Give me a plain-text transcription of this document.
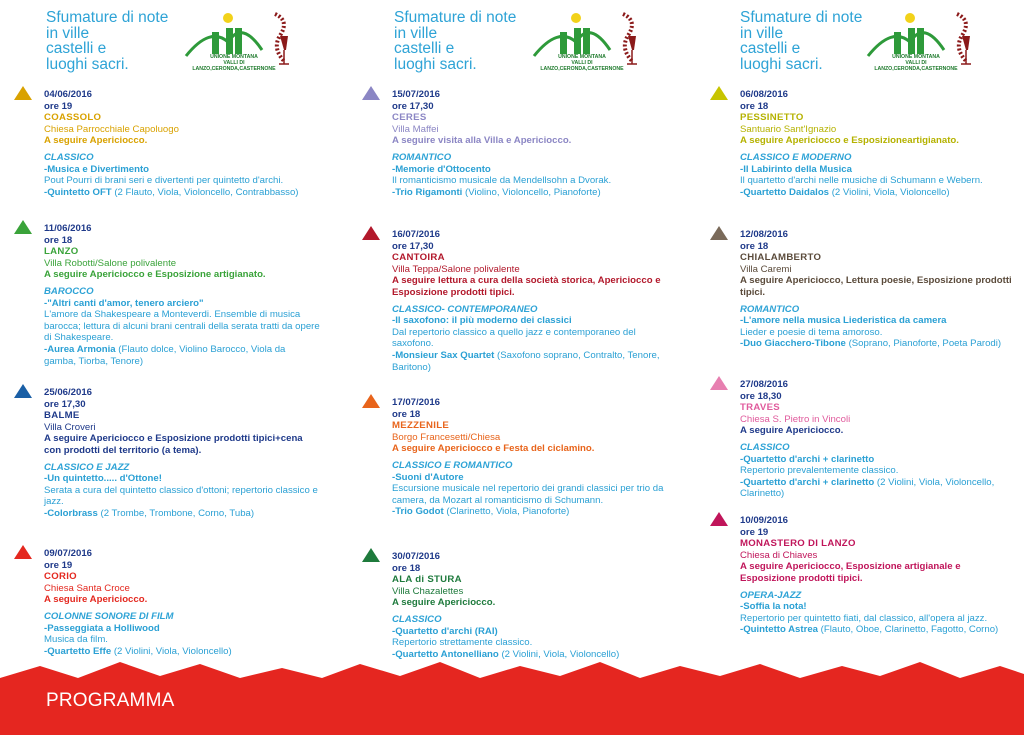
Sfumature di note
in ville
castelli e
luoghi sacri.	UNIONE MONTANA
VALLI DI LANZO,CERONDA,CASTERNONE
04/06/2016
ore 19
COASSOLO
Chiesa Parrocchiale Capoluogo
A seguire Apericiocco.
CLASSICO
-Musica e Divertimento
Pout Pourri di brani seri e divertenti per quintetto d'archi.
-Quintetto OFT (2 Flauto, Viola, Violoncello, Contrabbasso)
11/06/2016
ore 18
LANZO
Villa Robotti/Salone polivalente
A seguire Apericiocco e Esposizione artigianato.
BAROCCO
-"Altri canti d'amor, tenero arciero"
L'amore da Shakespeare a Monteverdi. Ensemble di musica barocca; lettura di alcuni brani centrali della serata tratti da opere di Shakespeare.
-Aurea Armonia (Flauto dolce, Violino Barocco, Viola da gamba, Tiorba, Tenore)
25/06/2016
ore 17,30
BALME
Villa Croveri
A seguire Apericiocco e Esposizione prodotti tipici+cena con prodotti del territorio (a tema).
CLASSICO E JAZZ
-Un quintetto..... d'Ottone!
Serata a cura del quintetto classico d'ottoni; repertorio classico e jazz.
-Colorbrass (2 Trombe, Trombone, Corno, Tuba)
09/07/2016
ore 19
CORIO
Chiesa Santa Croce
A seguire Apericiocco.
COLONNE SONORE DI FILM
-Passeggiata a Holliwood
Musica da film.
-Quartetto Effe (2 Violini, Viola, Violoncello)
Sfumature di note
in ville
castelli e
luoghi sacri.	UNIONE MONTANA
VALLI DI LANZO,CERONDA,CASTERNONE
15/07/2016
ore 17,30
CERES
Villa Maffei
A seguire visita alla Villa e Apericiocco.
ROMANTICO
-Memorie d'Ottocento
Il romanticismo musicale da Mendellsohn a Dvorak.
-Trio Rigamonti (Violino, Violoncello, Pianoforte)
16/07/2016
ore 17,30
CANTOIRA
Villa Teppa/Salone polivalente
A seguire lettura a cura della società storica, Apericiocco e Esposizione prodotti tipici.
CLASSICO- CONTEMPORANEO
-Il saxofono: il più moderno dei classici
Dal repertorio classico a quello jazz e contemporaneo del saxofono.
-Monsieur Sax Quartet (Saxofono soprano, Contralto, Tenore, Baritono)
17/07/2016
ore 18
MEZZENILE
Borgo Francesetti/Chiesa
A seguire Apericiocco e Festa del ciclamino.
CLASSICO E ROMANTICO
-Suoni d'Autore
Escursione musicale nel repertorio dei grandi classici per trio da camera, da Mozart al romanticismo di Schumann.
-Trio Godot (Clarinetto, Viola, Pianoforte)
30/07/2016
ore 18
ALA di STURA
Villa Chazalettes
A seguire Apericiocco.
CLASSICO
-Quartetto d'archi (RAI)
Repertorio strettamente classico.
-Quartetto Antonelliano (2 Violini, Viola, Violoncello)
Sfumature di note
in ville
castelli e
luoghi sacri.	UNIONE MONTANA
VALLI DI LANZO,CERONDA,CASTERNONE
06/08/2016
ore 18
PESSINETTO
Santuario Sant'Ignazio
A seguire Apericiocco e Esposizioneartigianato.
CLASSICO E MODERNO
-Il Labirinto della Musica
Il quartetto d'archi nelle musiche di Schumann e Webern.
-Quartetto Daidalos (2 Violini, Viola, Violoncello)
12/08/2016
ore 18
CHIALAMBERTO
Villa Caremi
A seguire Apericiocco, Lettura poesie, Esposizione prodotti tipici.
ROMANTICO
-L'amore nella musica Liederistica da camera
Lieder e poesie di tema amoroso.
-Duo Giacchero-Tibone (Soprano, Pianoforte, Poeta Parodi)
27/08/2016
ore 18,30
TRAVES
Chiesa S. Pietro in Vincoli
A seguire Apericiocco.
CLASSICO
-Quartetto d'archi + clarinetto
Repertorio prevalentemente classico.
-Quartetto d'archi + clarinetto (2 Violini, Viola, Violoncello, Clarinetto)
10/09/2016
ore 19
MONASTERO DI LANZO
Chiesa di Chiaves
A seguire Apericiocco, Esposizione artigianale e Esposizione prodotti tipici.
OPERA-JAZZ
-Soffia la nota!
Repertorio per quintetto fiati, dal classico, all'opera al jazz.
-Quintetto Astrea (Flauto, Oboe, Clarinetto, Fagotto, Corno)
PROGRAMMA
